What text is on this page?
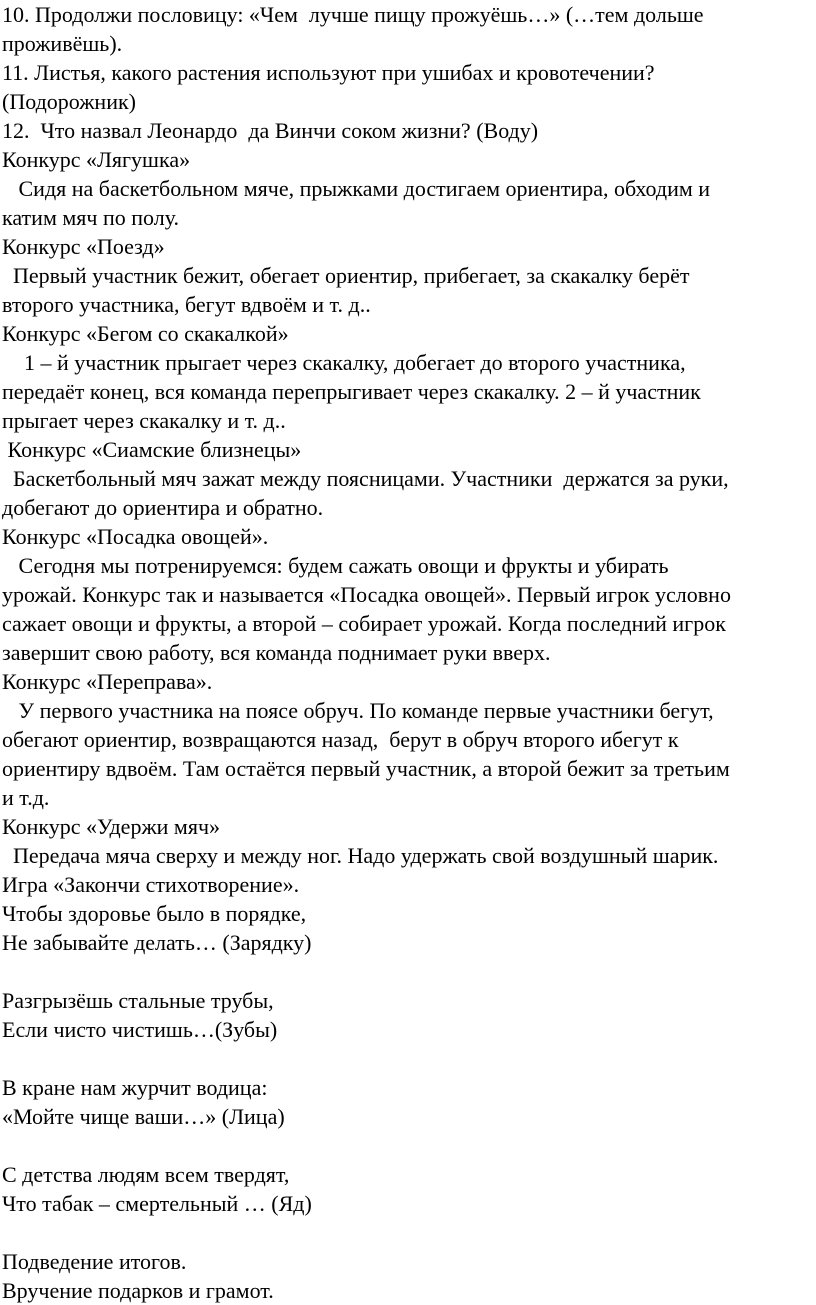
10. Продолжи пословицу: «Чем  лучше пищу прожуёшь…» (…тем дольше
проживёшь).
11. Листья, какого растения используют при ушибах и кровотечении?
(Подорожник)
12.  Что назвал Леонардо  да Винчи соком жизни? (Воду)
Конкурс «Лягушка»
Сидя на баскетбольном мяче, прыжками достигаем ориентира, обходим и
катим мяч по полу.
Конкурс «Поезд»
Первый участник бежит, обегает ориентир, прибегает, за скакалку берёт
второго участника, бегут вдвоём и т. д..
Конкурс «Бегом со скакалкой»
1 – й участник прыгает через скакалку, добегает до второго участника,
передаёт конец, вся команда перепрыгивает через скакалку. 2 – й участник
прыгает через скакалку и т. д..
Конкурс «Сиамские близнецы»
Баскетбольный мяч зажат между поясницами. Участники  держатся за руки,
добегают до ориентира и обратно.
Конкурс «Посадка овощей».
Сегодня мы потренируемся: будем сажать овощи и фрукты и убирать
урожай. Конкурс так и называется «Посадка овощей». Первый игрок условно
сажает овощи и фрукты, а второй – собирает урожай. Когда последний игрок
завершит свою работу, вся команда поднимает руки вверх.
Конкурс «Переправа».
У первого участника на поясе обруч. По команде первые участники бегут,
обегают ориентир, возвращаются назад,  берут в обруч второго ибегут к
ориентиру вдвоём. Там остаётся первый участник, а второй бежит за третьим
и т.д.
Конкурс «Удержи мяч»
Передача мяча сверху и между ног. Надо удержать свой воздушный шарик.
Игра «Закончи стихотворение».
Чтобы здоровье было в порядке,
Не забывайте делать… (Зарядку)
Разгрызёшь стальные трубы,
Если чисто чистишь…(Зубы)
В кране нам журчит водица:
«Мойте чище ваши…» (Лица)
С детства людям всем твердят,
Что табак – смертельный … (Яд)
Подведение итогов.
Вручение подарков и грамот.
